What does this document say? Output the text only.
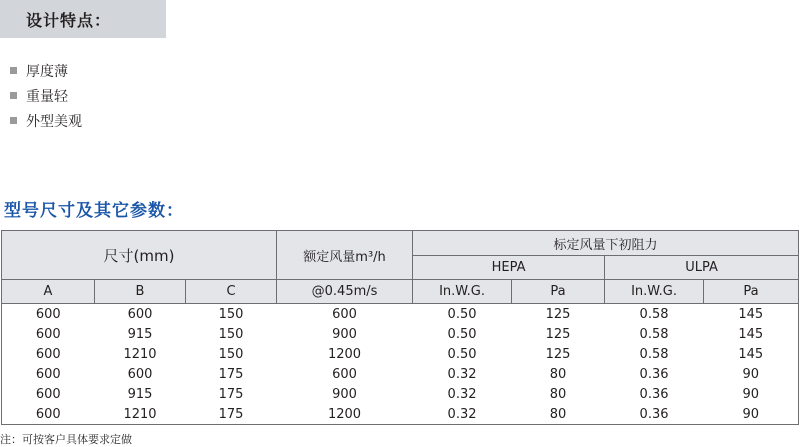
设计特点：
厚度薄
重量轻
外型美观
型号尺寸及其它参数：
尺寸(mm)			额定风量m³/h	标定风量下初阻力			
				HEPA		ULPA	
A	B	C	@0.45m/s	In.W.G.	Pa	In.W.G.	Pa
600	600	150	600	0.50	125	0.58	145
600	915	150	900	0.50	125	0.58	145
600	1210	150	1200	0.50	125	0.58	145
600	600	175	600	0.32	80	0.36	90
600	915	175	900	0.32	80	0.36	90
600	1210	175	1200	0.32	80	0.36	90
注：可按客户具体要求定做
